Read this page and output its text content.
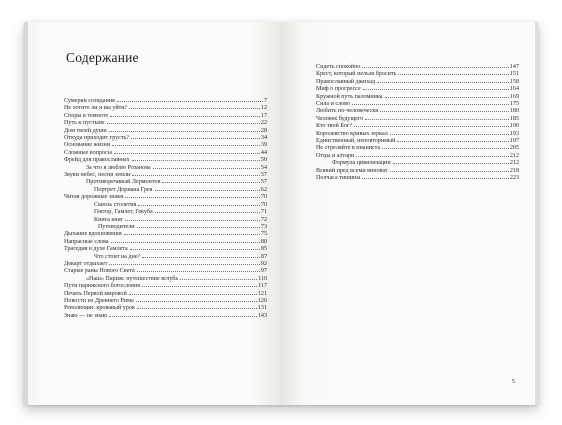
Содержание
Сумерки созидания	7
Не хотите ли и вы уйти?	12
Споры в темноте	17
Путь к пустыне	22
Дом твоей души	28
Откуда приходит грусть?	34
Основание жизни	39
Сложные вопросы	44
Фрейд для православных	50
За что я люблю Розанова	54
Звуки небес, песни земли	57
Противоречивый Лермонтов	57
Портрет Дориана Грея	62
Читая дорожные знаки	70
Сквозь столетия	70
Гектор, Гамлет, Гекуба	71
Книга книг	72
Путеводители	73
Дыхание вдохновения	75
Напрасные слова	80
Трагедия в духе Гамлета	85
Что стоит на дне?	87
Декарт отдыхает	92
Старые раны Нового Света	97
«Наш» Париж: путешествие вглубь	110
Пути парижского богословия	117
Печать Первой мировой	121
Новости из Древнего Рима	126
Революции: кровавый урок	131
Знаю — не знаю	143
Сидеть спокойно	147
Крест, который нельзя бросить	151
Православный джихад	158
Миф о прогрессе	164
Кружной путь паломника	169
Сила и слово	175
Любить по-человечески	180
Человек будущего	185
Кто твой Бог?	190
Королевство кривых зеркал	193
Единственный, неповторимый	197
Не стреляйте в пианиста	205
Отцы и алтари	212
Формула цивилизации	212
Всякий пред всеми виноват	218
Полчаса тишины	223
5
